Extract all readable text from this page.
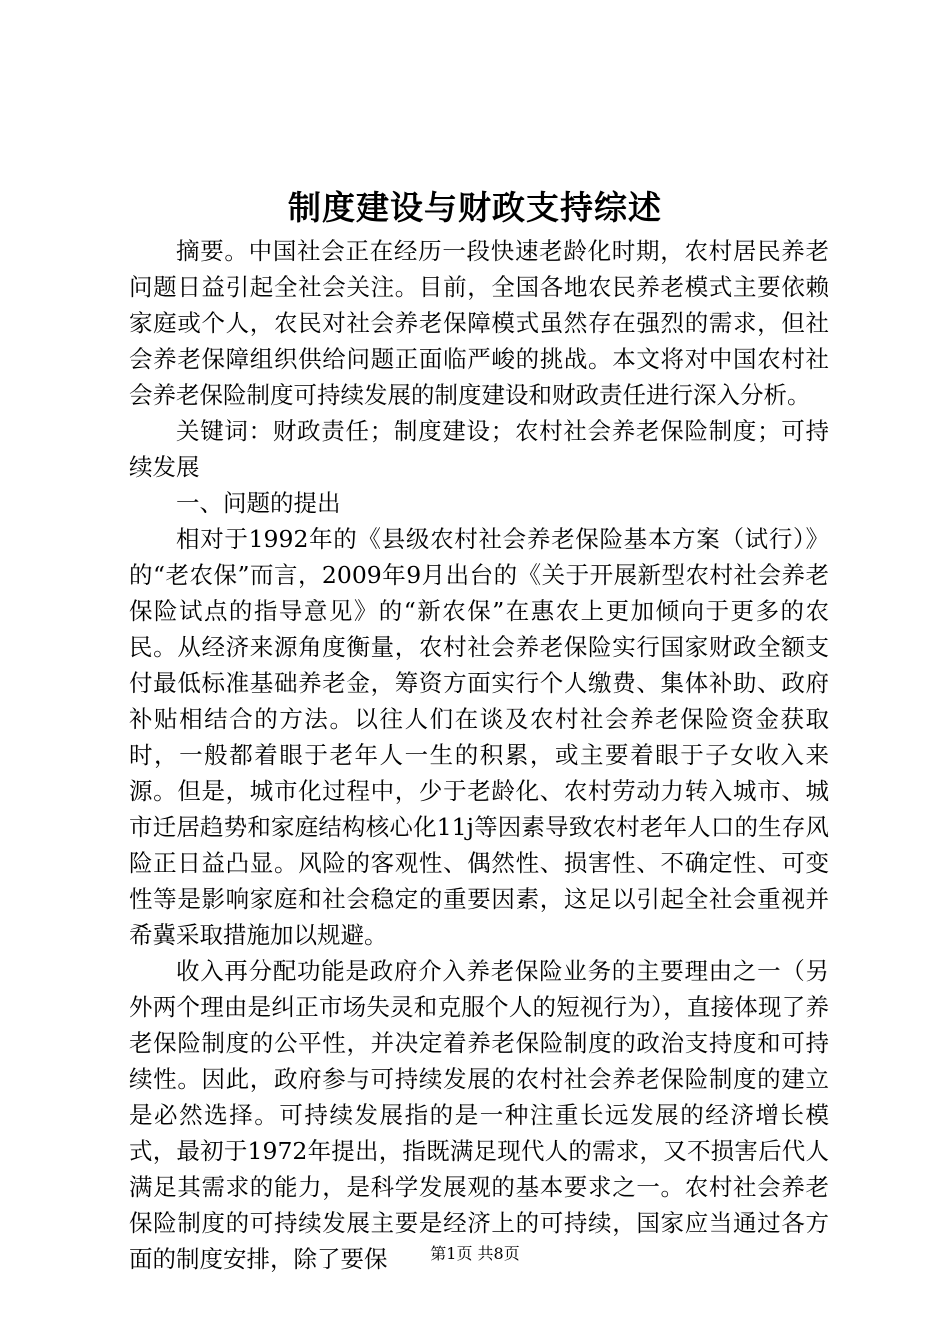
制度建设与财政支持综述

摘要。中国社会正在经历一段快速老龄化时期，农村居民养老问题日益引起全社会关注。目前，全国各地农民养老模式主要依赖家庭或个人，农民对社会养老保障模式虽然存在强烈的需求，但社会养老保障组织供给问题正面临严峻的挑战。本文将对中国农村社会养老保险制度可持续发展的制度建设和财政责任进行深入分析。

关键词：财政责任；制度建设；农村社会养老保险制度；可持续发展

一、问题的提出

相对于1992年的《县级农村社会养老保险基本方案（试行）》的“老农保”而言，2009年9月出台的《关于开展新型农村社会养老保险试点的指导意见》的“新农保”在惠农上更加倾向于更多的农民。从经济来源角度衡量，农村社会养老保险实行国家财政全额支付最低标准基础养老金，筹资方面实行个人缴费、集体补助、政府补贴相结合的方法。以往人们在谈及农村社会养老保险资金获取时，一般都着眼于老年人一生的积累，或主要着眼于子女收入来源。但是，城市化过程中，少于老龄化、农村劳动力转入城市、城市迁居趋势和家庭结构核心化11j等因素导致农村老年人口的生存风险正日益凸显。风险的客观性、偶然性、损害性、不确定性、可变性等是影响家庭和社会稳定的重要因素，这足以引起全社会重视并希冀采取措施加以规避。

收入再分配功能是政府介入养老保险业务的主要理由之一（另外两个理由是纠正市场失灵和克服个人的短视行为），直接体现了养老保险制度的公平性，并决定着养老保险制度的政治支持度和可持续性。因此，政府参与可持续发展的农村社会养老保险制度的建立是必然选择。可持续发展指的是一种注重长远发展的经济增长模式，最初于1972年提出，指既满足现代人的需求，又不损害后代人满足其需求的能力，是科学发展观的基本要求之一。农村社会养老保险制度的可持续发展主要是经济上的可持续，国家应当通过各方面的制度安排，除了要保	第1页 共8页
